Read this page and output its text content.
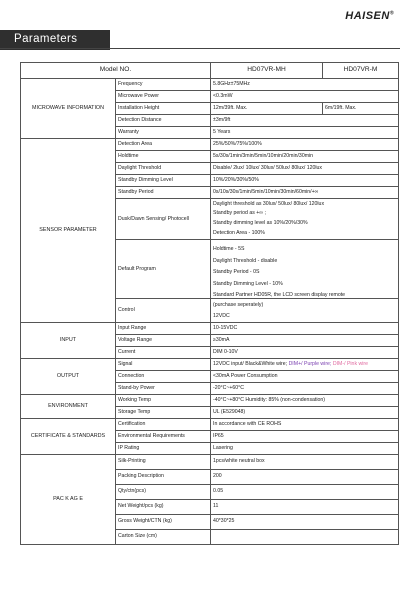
HAISEN®
Parameters
Model NO.		HD07VR-MH	HD07VR-M
MICROWAVE INFORMATION	Frequency	5.8GHz±75MHz	
	Microwave Power	<0.3mW	
	Installation Height	12m/39ft. Max.	6m/19ft. Max.
	Detection Distance	±3m/9ft	
	Warranty	5 Years	
SENSOR PARAMETER	Detection Area	25%/50%/75%/100%	
	Holdtime	5s/30s/1min/3min/5min/10min/20min/30min	
	Daylight Threshold	Disable/ 2lux/ 10lux/ 30lux/ 50lux/ 80lux/ 120lux	
	Standby Dimming Level	10%/20%/30%/50%	
	Standby Period	0s/10s/30s/1min/5min/10min/30min/60min/+∞	
	Dusk/Dawn Sensing/ Photocell	Daylight threshold as 30lux/ 50lux/ 80lux/ 120lux
Standby period as +∞ ;
Standby dimming level as 10%/20%/30%
Detection Area - 100%	

	Default Program	Holdtime - 5S
Daylight Threshold - disable
Standby Period - 0S
Standby Dimming Level - 10%
Standard Partner HD05R, the LCD screen display remote	

	Control	(purchase seperately)
12VDC	

INPUT	Input Range	10-15VDC	
	Voltage Range	≥30mA	
	Current	DIM 0-10V	
OUTPUT	Signal	12VDC input/ Black&White wire; DIM+/ Purple wire; DIM-/ Pink wire	
	Connection	<30mA Power Consumption	
	Stand-by Power	-20°C~+60°C	
ENVIRONMENT	Working Temp	-40°C~+80°C Humidity: 85% (non-condensation)	
	Storage Temp	UL (E529048)	
CERTIFICATE & STANDARDS	Certification	In accordance with CE ROHS	
	Environmental Requirements	IP65	
	IP Rating	Lasering	
PAC K AG E	Silk-Printing	1pcs/white neutral box	
	Packing Description	200	
	Qty/ctn(pcs)	0.05	
	Net Weight/pcs (kg)	11	
	Gross Weight/CTN (kg)	40*30*25	
	Carton Size (cm)		
